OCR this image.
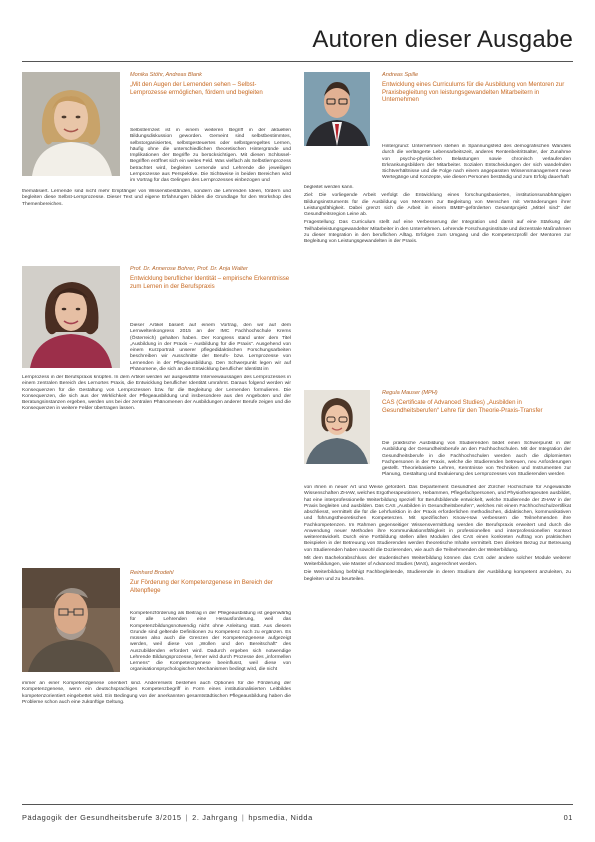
Autoren dieser Ausgabe
Monika Stöhr, Andreas Blank
„Mit den Augen der Lernenden sehen – Selbst-Lernprozesse ermöglichen, fördern und begleiten

Selbstlernzeit ist in einem weiteren Begriff in der aktuellen Bildungsdiskussion geworden. Gemeint sind selbstbestimmtes, selbstorganisiertes, selbstgesteuertes oder selbstgeregeltes Lernen, häufig ohne die unterschiedlichen theoretischen Hintergründe und Implikationen der Begriffe zu berücksichtigen. Mit diesen Schlüssel-Begriffen eröffnet sich ein weites Feld. Was vielfach als Selbstlernprozess betrachtet wird, begleiten Lernende und Lehrende die jeweiligen Lernprozesse aus Perspektive. Die Sichtweise in beiden Bereichen wird im Vortrag für das Gelingen des Lernprozesses einbezogen und

thematisiert. Lernende sind nicht mehr Empfänger von Wissensbeständen, sondern die Lehrenden Ideen, fördern und begleiten diese Selbst-Lernprozesse. Dieser Text und eigene Erfahrungen bilden die Grundlage für den Workshop des Themenbereiches.

Prof. Dr. Annerose Bohrer, Prof. Dr. Anja Walter
Entwicklung beruflicher Identität – empirische Erkenntnisse zum Lernen in der Berufspraxis

Dieser Artikel basiert auf einem Vortrag, den wir auf dem Lernweltenkongress 2015 an der IMC Fachhochschule Krems (Österreich) gehalten haben. Der Kongress stand unter dem Titel „Ausbildung in der Praxis – Ausbildung für die Praxis“. Ausgehend von einem Kurzportrait unserer pflegedidaktischen Forschungsarbeiten beschreiben wir Ausschnitte der Berufs- bzw. Lernprozesse von Lernenden in der Pflegeausbildung. Den Schwerpunkt legen wir auf Phänomene, die sich an die Entwicklung beruflicher Identität im

Lernprozess in der Berufspraxis knüpfen. In dem Artikel werden wir ausgewählte Interviewaussagen des Lernprozesses in einem zentralen Bereich des Lernortes Praxis, die Entwicklung beruflicher Identität umrahmt. Daraus folgend werden wir Konsequenzen für die Gestaltung von Lernprozessen bzw. für die Begleitung der Lernenden formulieren. Die Konsequenzen, die sich aus der Wirklichkeit der Pflegeausbildung und insbesondere aus den Angeboten und der Beratungsinstanzen ergeben, werden uns bei der zentralen Phänomenen der Ausbildungen anderer Berufe zeigen und die Konsequenzen in weitere Felder übertragen lassen.

Reinhard Brodehl
Zur Förderung der Kompetenzgenese im Bereich der Altenpflege

Kompetenzförderung als Beitrag in der Pflegeausbildung ist gegenwärtig für alle Lehrenden eine Herausforderung, weil das Kompetenzbildungsnotwendig nicht ohne Anleitung statt. Aus diesem Grunde sind geltende Definitionen zu Kompetenz noch zu ergänzen. Es müssen also auch die Grenzen der Kompetenzgenese aufgezeigt werden, weil diese von „Wollen und den Bereitschaft“ des Auszubildenden erfordert wird. Dadurch ergeben sich notwendige Lehrende Bildungsprozesse, ferner wird durch Prozesse des „informellen Lernens“ die Kompetenzgenese beeinflusst, weil diese von organisationspsychologischen Mechanismen bedingt wird, die nicht

immer an einer Kompetenzgenese orientiert sind. Andererseits bestehen auch Optionen für die Förderung der Kompetenzgenese, wenn ein deutschsprachiges Kompetenzbegriff in Form eines institutionalisierten Leitbildes kompetenzorientiert eingebettet wird. Ein Bedingung von der anerkannten gesamtstädtischen Pflegeausbildung haben die Probleme schon auch eine zukünftige Geltung.

Andreas Spille
Entwicklung eines Curriculums für die Ausbildung von Mentoren zur Praxisbegleitung von leistungsgewandelten Mitarbeitern in Unternehmen

Hintergrund: Unternehmen stehen in Spannungsfeld des demografischen Wandels durch die verlängerte Lebensarbeitszeit, anderes Rentenbeitrittsalter, der Zunahme von psycho-physischen Belastungen sowie chronisch verlaufenden Erkrankungsbildern der Mitarbeiter. Sozialen Entscheidungen der sich wandelnden Sichtverhältnisse und die Folge nach einem angepassten Wissensmanagement neue Wertegänge und Konzepte, wie diesen Personen beständig und zum Erfolg dauerhaft

begleitet werden kann.

Ziel: Die vorliegende Arbeit verfolgt die Entwicklung eines forschungsbasierten, institutionsunabhängigen Bildungsinstruments für die Ausbildung von Mentoren zur Begleitung von Menschen mit Veränderungen ihrer Leistungsfähigkeit. Dabei grenzt sich die Arbeit in einem BMBF-geförderten Gesamtprojekt „Mittel sind“ der Gesundheitsregion Leine ab.

Fragestellung: Das Curriculum stellt auf eine Verbesserung der Integration und damit auf eine Stärkung der Teilhabeleistungsgewandelter Mitarbeiter in den Unternehmen. Lehrende Forschungsinstitute und dezentrale Maßnahmen zu dieser Integration in den beruflichen Alltag. Erfolgen zum Umgang und die Kompetenzprofil der Mentoren zur Begleitung von Leistungsgewandelten in der Praxis.

Regula Mauser (MPH)
CAS (Certificate of Advanced Studies) „Ausbilden in Gesundheitsberufen“ Lehre für den Theorie-Praxis-Transfer

Die praktische Ausbildung von Studierenden bildet einen Schwerpunkt in der Ausbildung der Gesundheitsberufe an den Fachhochschulen. Mit der Integration der Gesundheitsberufe in die Fachhochschulen werden auch die diplomierten Fachpersonen in der Praxis, welche die Studierenden betreuen, neu Anforderungen gestellt. Theoriebasierte Lehren, Kenntnisse von Techniken und Instrumenten zur Planung, Gestaltung und Evaluierung des Lernprozesses von Studierenden werden

von ihnen in neuer Art und Weise gefordert. Das Departement Gesundheit der Zürcher Hochschule für Angewandte Wissenschaften ZHAW, welches Ergotherapeutinnen, Hebammen, Pflegefachpersonen, und Physiotherapeuten ausbildet, hat eine interprofessionelle Weiterbildung speziell für Berufsbildende entwickelt, welche Studierende der ZHAW in der Praxis begleiten und ausbilden. Das CAS „Ausbilden in Gesundheitsberufen“, welches mit einem Fachhochschulzertifikat abschliesst, vermittelt die für die Lehrfunktion in der Praxis erforderlichen methodischen, didaktischen, kommunikativen und führungstheoretischen Kompetenzen. Mit spezifischen Know-How verbessern die Teilnehmenden ihre Fachkompetenzen. Im Rahmen gegenseitiger Wissensvermittlung werden die Berufspraxis erweitert und durch die Anwendung neuer Methoden ihre Kommunikationsfähigkeit in professionellen und interprofessionellen Kontext weiterentwickelt. Durch eine Fortbildung stellen allen Modulen des CAS einen konkreten Auftrag von praktischen Beispielen in der Betreuung von Studierenden werden theoretische Inhalte vermittelt. Den direkten Bezug zur Betreuung von Studierenden haben sowohl die Dozierenden, wie auch die Teilnehmenden der Weiterbildung.

Mit dem Bachelorabschluss der studentischen Weiterbildung können das CAS oder andere solcher Module weiterer Weiterbildungen, wie Master of Advanced Studies (MAS), angerechnet werden.

Die Weiterbildung befähigt Fachbegleitende, Studierende in deren Studium der Ausbildung kompetent anzuleiten, zu begleiten und zu beurteilen.

Pädagogik der Gesundheitsberufe 3/2015 | 2. Jahrgang | hpsmedia, Nidda	01
